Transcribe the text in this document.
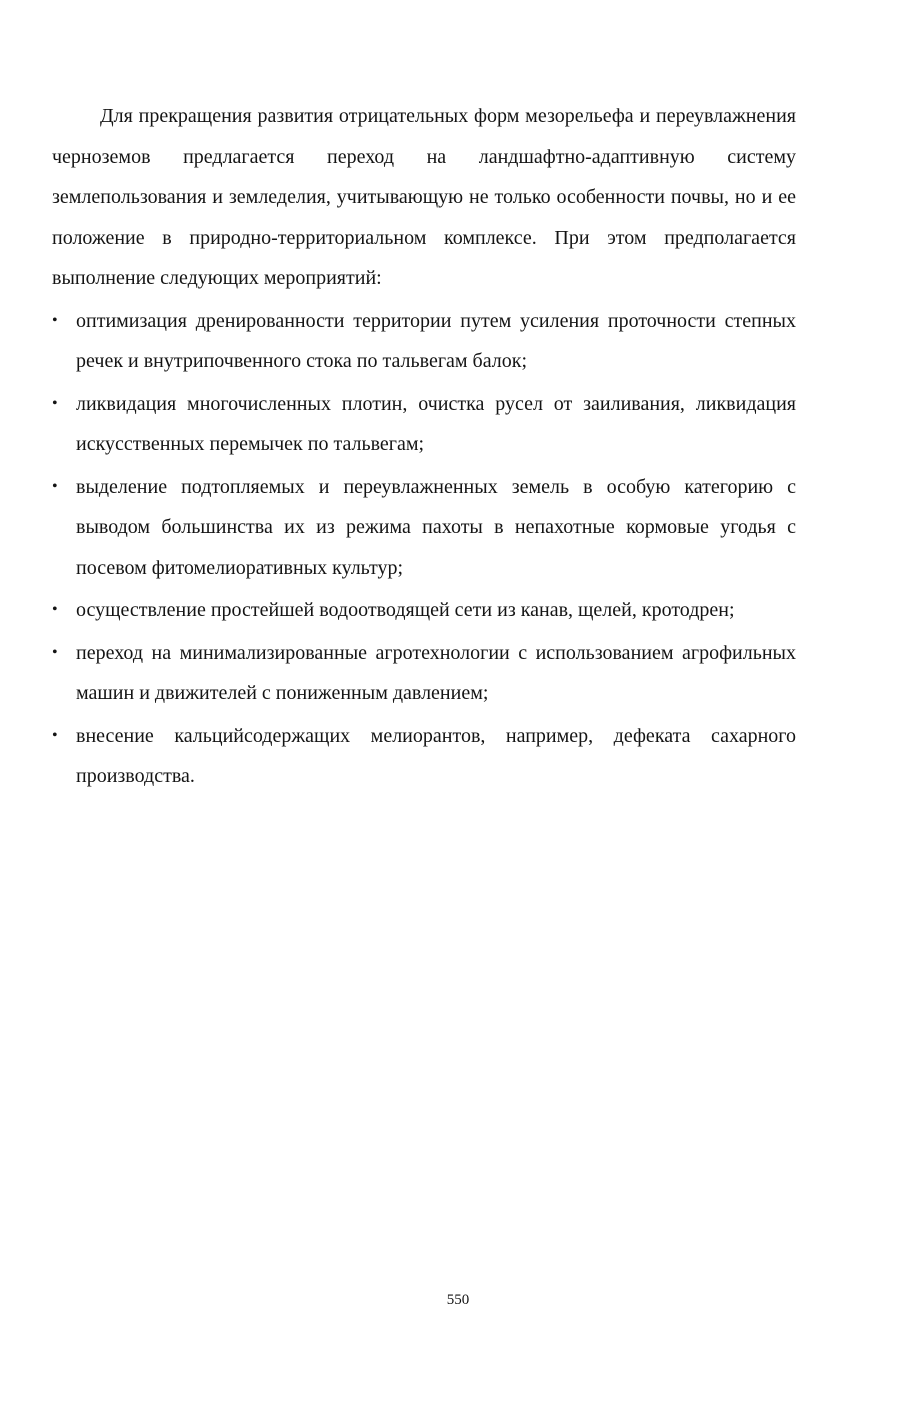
Для прекращения развития отрицательных форм мезорельефа и переувлажнения черноземов предлагается переход на ландшафтно-адаптивную систему землепользования и земледелия, учитывающую не только особенности почвы, но и ее положение в природно-территориальном комплексе. При этом предполагается выполнение следующих мероприятий:

• оптимизация дренированности территории путем усиления проточности степных речек и внутрипочвенного стока по тальвегам балок;
• ликвидация многочисленных плотин, очистка русел от заиливания, ликвидация искусственных перемычек по тальвегам;
• выделение подтопляемых и переувлажненных земель в особую категорию с выводом большинства их из режима пахоты в непахотные кормовые угодья с посевом фитомелиоративных культур;
• осуществление простейшей водоотводящей сети из канав, щелей, кротодрен;
• переход на минимализированные агротехнологии с использованием агрофильных машин и движителей с пониженным давлением;
• внесение кальцийсодержащих мелиорантов, например, дефеката сахарного производства.
550
